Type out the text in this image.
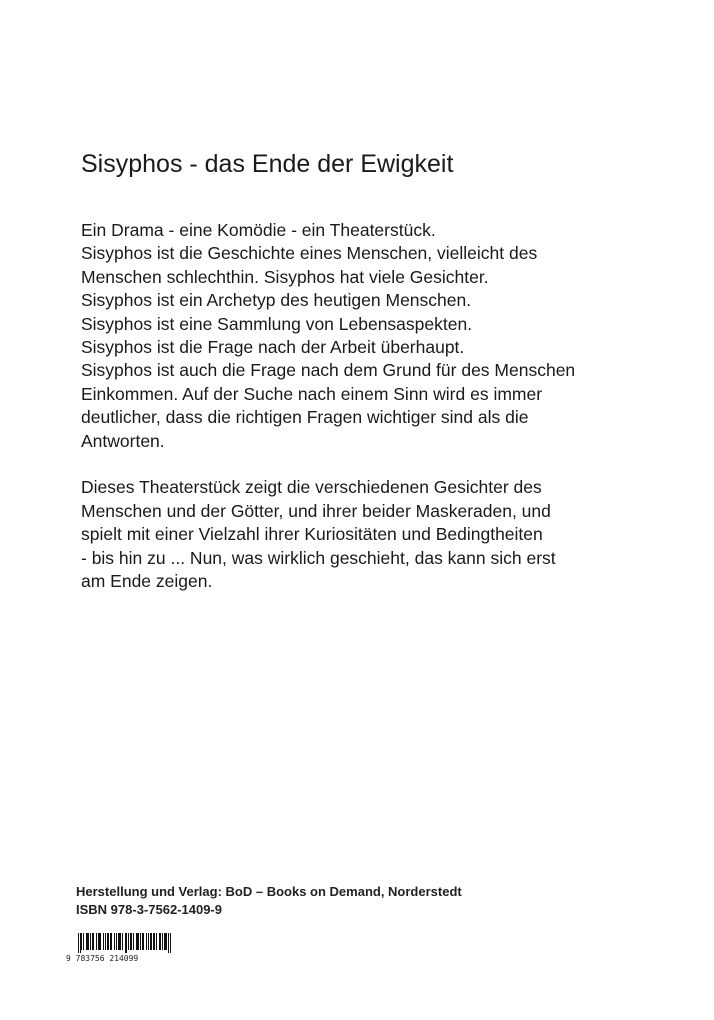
Sisyphos - das Ende der Ewigkeit

Ein Drama - eine Komödie - ein Theaterstück.
Sisyphos ist die Geschichte eines Menschen, vielleicht des
Menschen schlechthin. Sisyphos hat viele Gesichter.
Sisyphos ist ein Archetyp des heutigen Menschen.
Sisyphos ist eine Sammlung von Lebensaspekten.
Sisyphos ist die Frage nach der Arbeit überhaupt.
Sisyphos ist auch die Frage nach dem Grund für des Menschen
Einkommen. Auf der Suche nach einem Sinn wird es immer
deutlicher, dass die richtigen Fragen wichtiger sind als die
Antworten.

Dieses Theaterstück zeigt die verschiedenen Gesichter des
Menschen und der Götter, und ihrer beider Maskeraden, und
spielt mit einer Vielzahl ihrer Kuriositäten und Bedingtheiten
- bis hin zu ... Nun, was wirklich geschieht, das kann sich erst
am Ende zeigen.

Herstellung und Verlag: BoD – Books on Demand, Norderstedt
ISBN 978-3-7562-1409-9
9 783756 214099
